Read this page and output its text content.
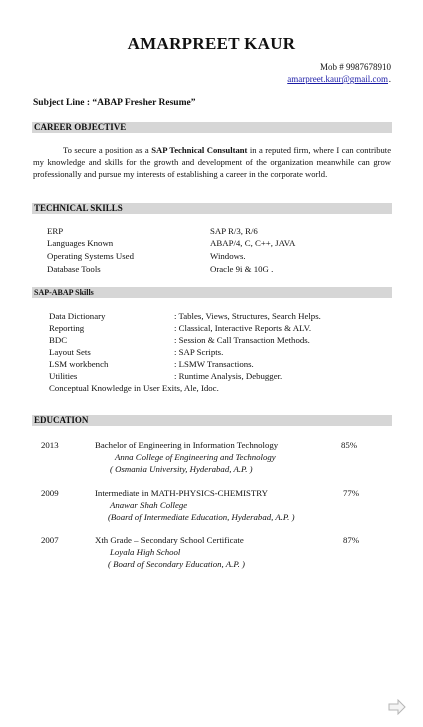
AMARPREET KAUR
Mob # 9987678910
amarpreet.kaur@gmail.com .
Subject Line : “ABAP Fresher Resume”
CAREER OBJECTIVE
To secure a position as a SAP Technical Consultant in a reputed firm, where I can contribute my knowledge and skills for the growth and development of the organization meanwhile can grow professionally and pursue my interests of establishing a career in the corporate world.
TECHNICAL SKILLS
ERP	SAP R/3, R/6
Languages Known	ABAP/4, C, C++, JAVA
Operating Systems Used	Windows.
Database Tools	Oracle 9i & 10G .
SAP-ABAP Skills
Data Dictionary	: Tables, Views, Structures, Search Helps.
Reporting	: Classical, Interactive Reports & ALV.
BDC	: Session & Call Transaction Methods.
Layout Sets	: SAP Scripts.
LSM workbench	: LSMW Transactions.
Utilities	: Runtime Analysis, Debugger.
Conceptual Knowledge in User Exits, Ale, Idoc.
EDUCATION
2013	Bachelor of Engineering in Information Technology	85%
Anna College of Engineering and Technology
( Osmania University, Hyderabad, A.P. )
2009	Intermediate in MATH-PHYSICS-CHEMISTRY	77%
Anawar Shah College
(Board of Intermediate Education, Hyderabad, A.P. )
2007	Xth Grade – Secondary School Certificate	87%
Loyala High School
( Board of Secondary Education, A.P. )
